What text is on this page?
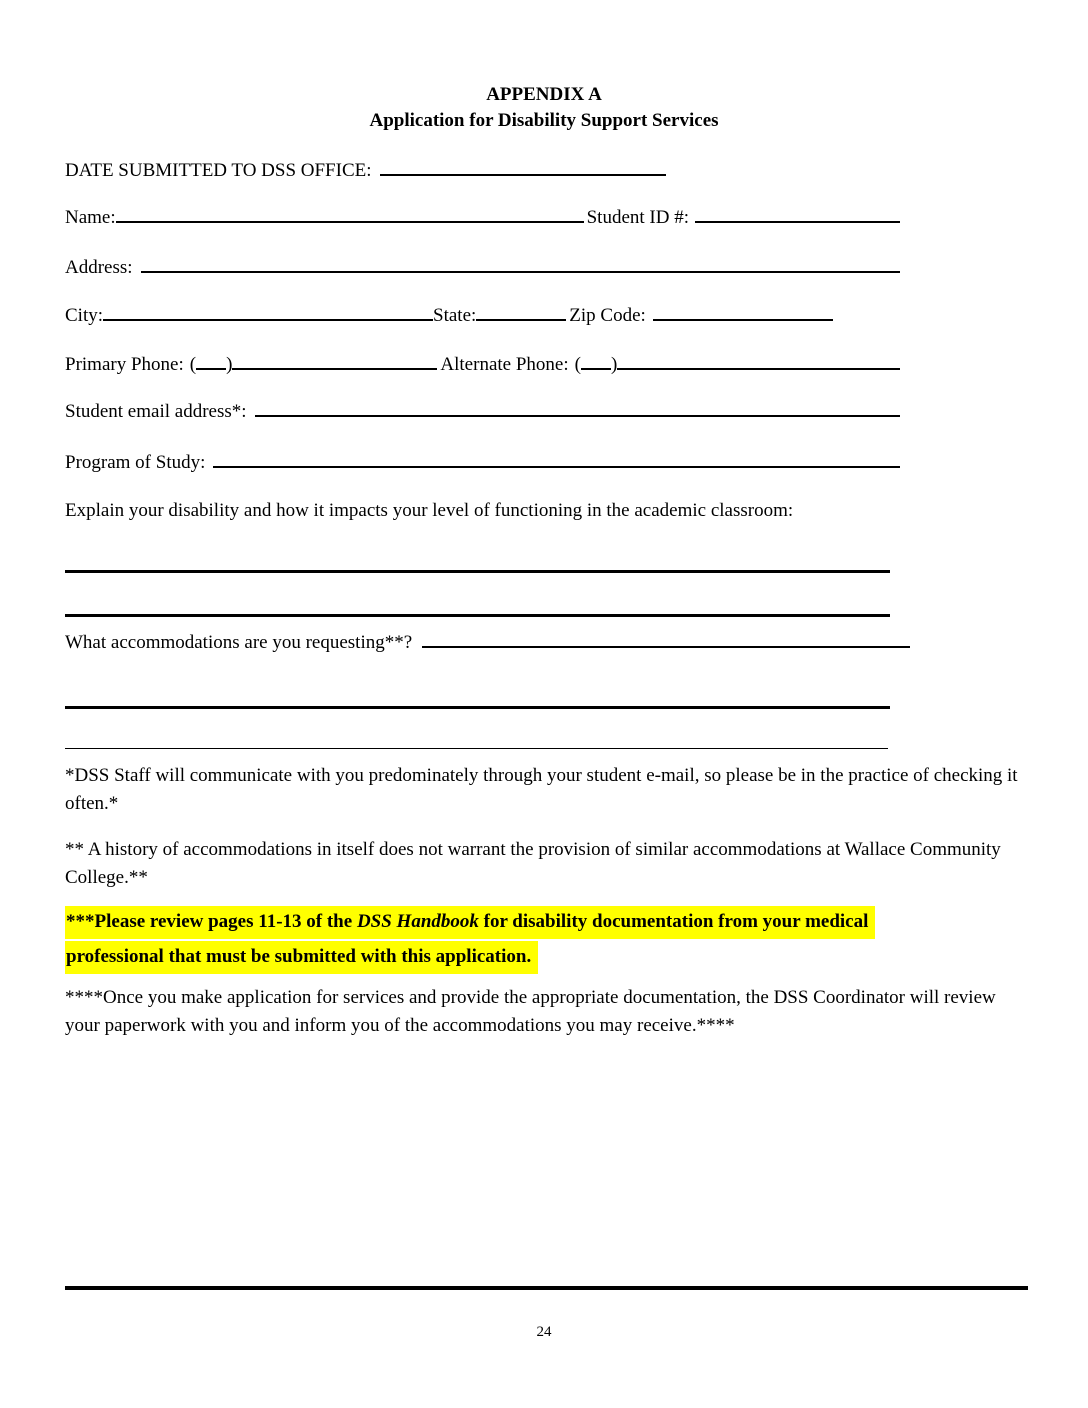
APPENDIX A
Application for Disability Support Services
DATE SUBMITTED TO DSS OFFICE:
Name:	Student ID #:
Address:
City:	State:	Zip Code:
Primary Phone: ( )	Alternate Phone: ( )
Student email address*:
Program of Study:
Explain your disability and how it impacts your level of functioning in the academic classroom:
What accommodations are you requesting**?
*DSS Staff will communicate with you predominately through your student e-mail, so please be in the practice of checking it often.*
** A history of accommodations in itself does not warrant the provision of similar accommodations at Wallace Community College.**
***Please review pages 11-13 of the DSS Handbook for disability documentation from your medical
professional that must be submitted with this application.
****Once you make application for services and provide the appropriate documentation, the DSS Coordinator will review your paperwork with you and inform you of the accommodations you may receive.****
24
